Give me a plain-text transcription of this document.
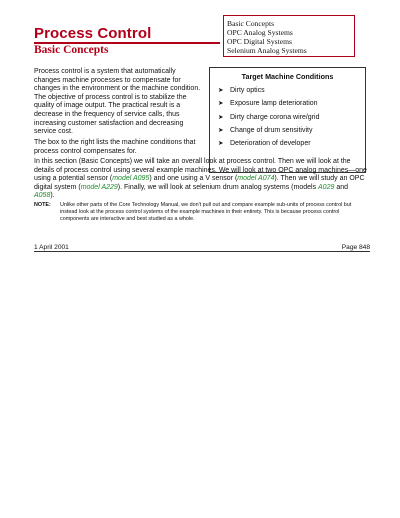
Process Control
Basic Concepts
Basic Concepts
OPC Analog Systems
OPC Digital Systems
Selenium Analog Systems

Process control is a system that automatically changes machine processes to compensate for changes in the environment or the machine condition. The objective of process control is to stabilize the quality of image output. The practical result is a decrease in the frequency of service calls, thus increasing customer satisfaction and decreasing service cost.

The box to the right lists the machine conditions that process control compensates for.

Target Machine Conditions
➤ Dirty optics
➤ Exposure lamp deterioration
➤ Dirty charge corona wire/grid
➤ Change of drum sensitivity
➤ Deterioration of developer

In this section (Basic Concepts) we will take an overall look at process control. Then we will look at the details of process control using several example machines. We will look at two OPC analog machines—one using a potential sensor (model A095) and one using a V sensor (model A074). Then we will study an OPC digital system (model A229). Finally, we will look at selenium drum analog systems (models A029 and A058).

NOTE: Unlike other parts of the Core Technology Manual, we don't pull out and compare example sub-units of process control but instead look at the process control systems of the example machines in their entirety. This is because process control components are interactive and best studied as a whole.

1 April 2001	Page 848
